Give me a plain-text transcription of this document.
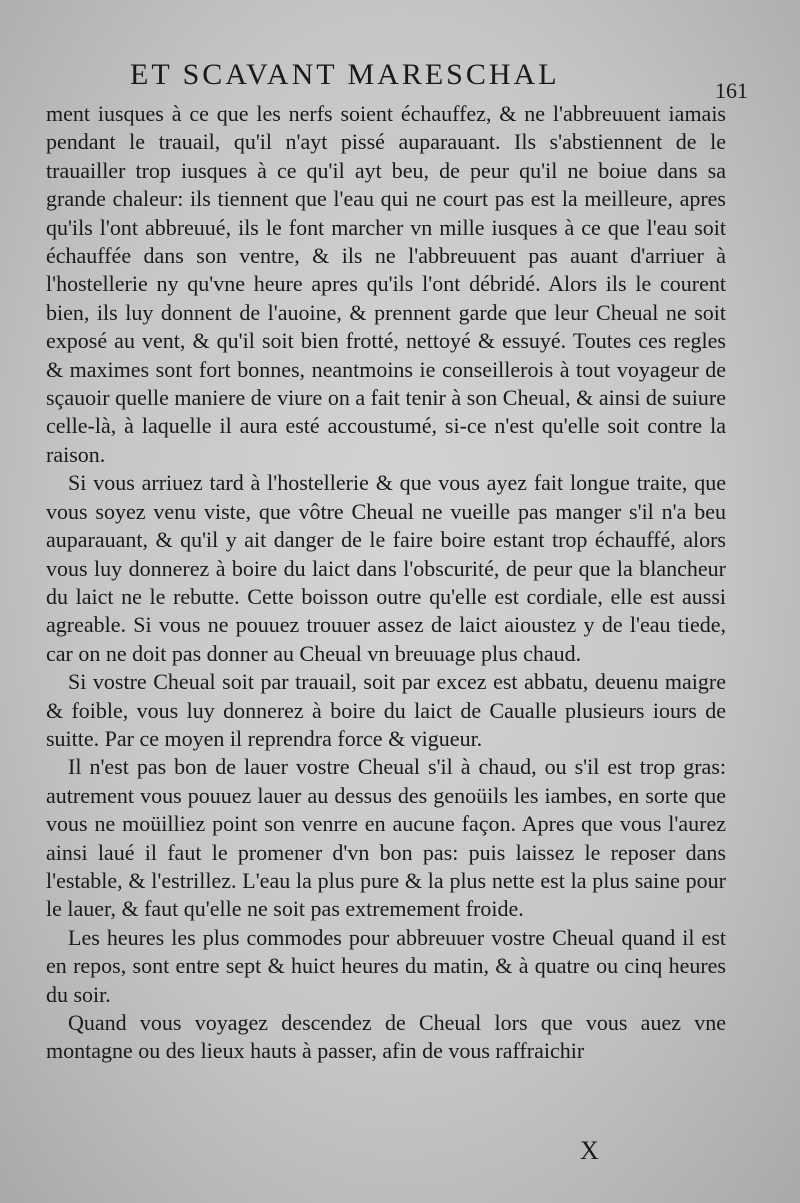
ET SCAVANT MARESCHAL	161

ment iusques à ce que les nerfs soient échauffez, & ne l'abbreuuent iamais pendant le trauail, qu'il n'ayt pissé auparauant. Ils s'abstiennent de le trauailler trop iusques à ce qu'il ayt beu, de peur qu'il ne boiue dans sa grande chaleur: ils tiennent que l'eau qui ne court pas est la meilleure, apres qu'ils l'ont abbreuué, ils le font marcher vn mille iusques à ce que l'eau soit échauffée dans son ventre, & ils ne l'abbreuuent pas auant d'arriuer à l'hostellerie ny qu'vne heure apres qu'ils l'ont débridé. Alors ils le courent bien, ils luy donnent de l'auoine, & prennent garde que leur Cheual ne soit exposé au vent, & qu'il soit bien frotté, nettoyé & essuyé. Toutes ces regles & maximes sont fort bonnes, neantmoins ie conseillerois à tout voyageur de sçauoir quelle maniere de viure on a fait tenir à son Cheual, & ainsi de suiure celle-là, à laquelle il aura esté accoustumé, si-ce n'est qu'elle soit contre la raison.

Si vous arriuez tard à l'hostellerie & que vous ayez fait longue traite, que vous soyez venu viste, que vôtre Cheual ne vueille pas manger s'il n'a beu auparauant, & qu'il y ait danger de le faire boire estant trop échauffé, alors vous luy donnerez à boire du laict dans l'obscurité, de peur que la blancheur du laict ne le rebutte. Cette boisson outre qu'elle est cordiale, elle est aussi agreable. Si vous ne pouuez trouuer assez de laict aioustez y de l'eau tiede, car on ne doit pas donner au Cheual vn breuuage plus chaud.

Si vostre Cheual soit par trauail, soit par excez est abbatu, deuenu maigre & foible, vous luy donnerez à boire du laict de Caualle plusieurs iours de suitte. Par ce moyen il reprendra force & vigueur.

Il n'est pas bon de lauer vostre Cheual s'il à chaud, ou s'il est trop gras: autrement vous pouuez lauer au dessus des genoüils les iambes, en sorte que vous ne moüilliez point son venrre en aucune façon. Apres que vous l'aurez ainsi laué il faut le promener d'vn bon pas: puis laissez le reposer dans l'estable, & l'estrillez. L'eau la plus pure & la plus nette est la plus saine pour le lauer, & faut qu'elle ne soit pas extremement froide.

Les heures les plus commodes pour abbreuuer vostre Cheual quand il est en repos, sont entre sept & huict heures du matin, & à quatre ou cinq heures du soir.

Quand vous voyagez descendez de Cheual lors que vous auez vne montagne ou des lieux hauts à passer, afin de vous raffraichir

X
